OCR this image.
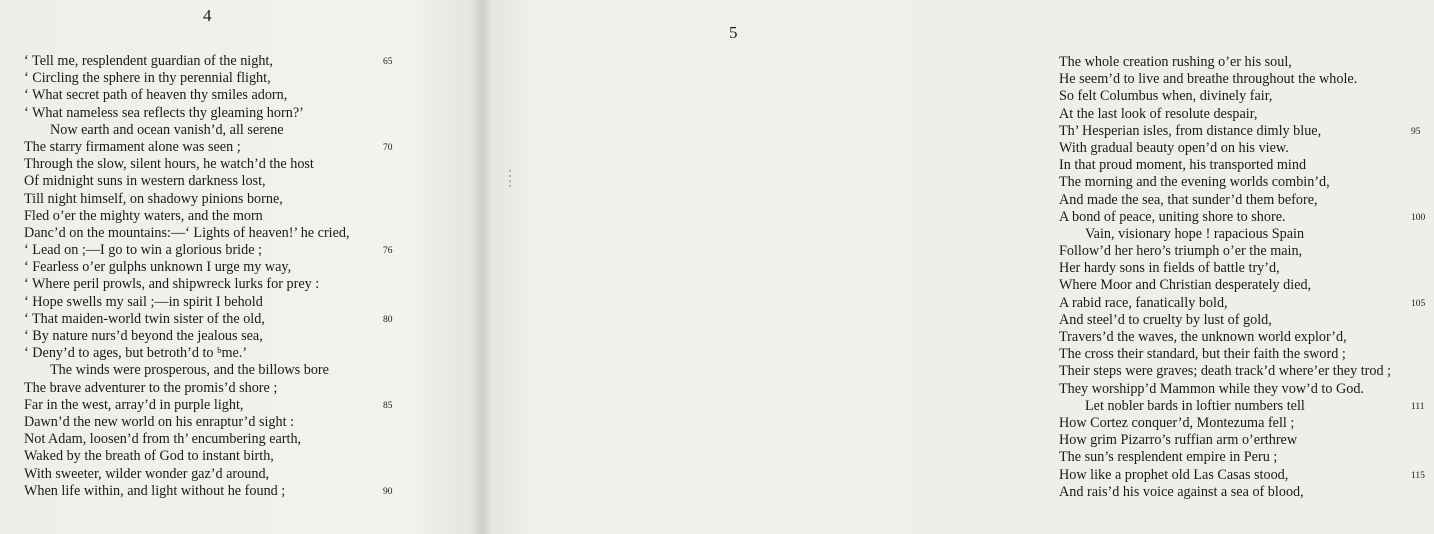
4
‘ Tell me, resplendent guardian of the night,	65
‘ Circling the sphere in thy perennial flight,
‘ What secret path of heaven thy smiles adorn,
‘ What nameless sea reflects thy gleaming horn?’
Now earth and ocean vanish’d, all serene
The starry firmament alone was seen ;	70
Through the slow, silent hours, he watch’d the host
Of midnight suns in western darkness lost,
Till night himself, on shadowy pinions borne,
Fled o’er the mighty waters, and the morn
Danc’d on the mountains:—‘ Lights of heaven!’ he cried,
‘ Lead on ;—I go to win a glorious bride ;	76
‘ Fearless o’er gulphs unknown I urge my way,
‘ Where peril prowls, and shipwreck lurks for prey :
‘ Hope swells my sail ;—in spirit I behold
‘ That maiden-world twin sister of the old,	80
‘ By nature nurs’d beyond the jealous sea,
‘ Deny’d to ages, but betroth’d to ᵇme.’
The winds were prosperous, and the billows bore
The brave adventurer to the promis’d shore ;
Far in the west, array’d in purple light,	85
Dawn’d the new world on his enraptur’d sight :
Not Adam, loosen’d from th’ encumbering earth,
Waked by the breath of God to instant birth,
With sweeter, wilder wonder gaz’d around,
When life within, and light without he found ;	90
The whole creation rushing o’er his soul,
He seem’d to live and breathe throughout the whole.
So felt Columbus when, divinely fair,
At the last look of resolute despair,
Th’ Hesperian isles, from distance dimly blue,	95
With gradual beauty open’d on his view.
In that proud moment, his transported mind
The morning and the evening worlds combin’d,
And made the sea, that sunder’d them before,
A bond of peace, uniting shore to shore.	100
Vain, visionary hope ! rapacious Spain
Follow’d her hero’s triumph o’er the main,
Her hardy sons in fields of battle try’d,
Where Moor and Christian desperately died,
A rabid race, fanatically bold,	105
And steel’d to cruelty by lust of gold,
Travers’d the waves, the unknown world explor’d,
The cross their standard, but their faith the sword ;
Their steps were graves; death track’d where’er they trod ;
They worshipp’d Mammon while they vow’d to God.
Let nobler bards in loftier numbers tell	111
How Cortez conquer’d, Montezuma fell ;
How grim Pizarro’s ruffian arm o’erthrew
The sun’s resplendent empire in Peru ;
How like a prophet old Las Casas stood,	115
And rais’d his voice against a sea of blood,
5
